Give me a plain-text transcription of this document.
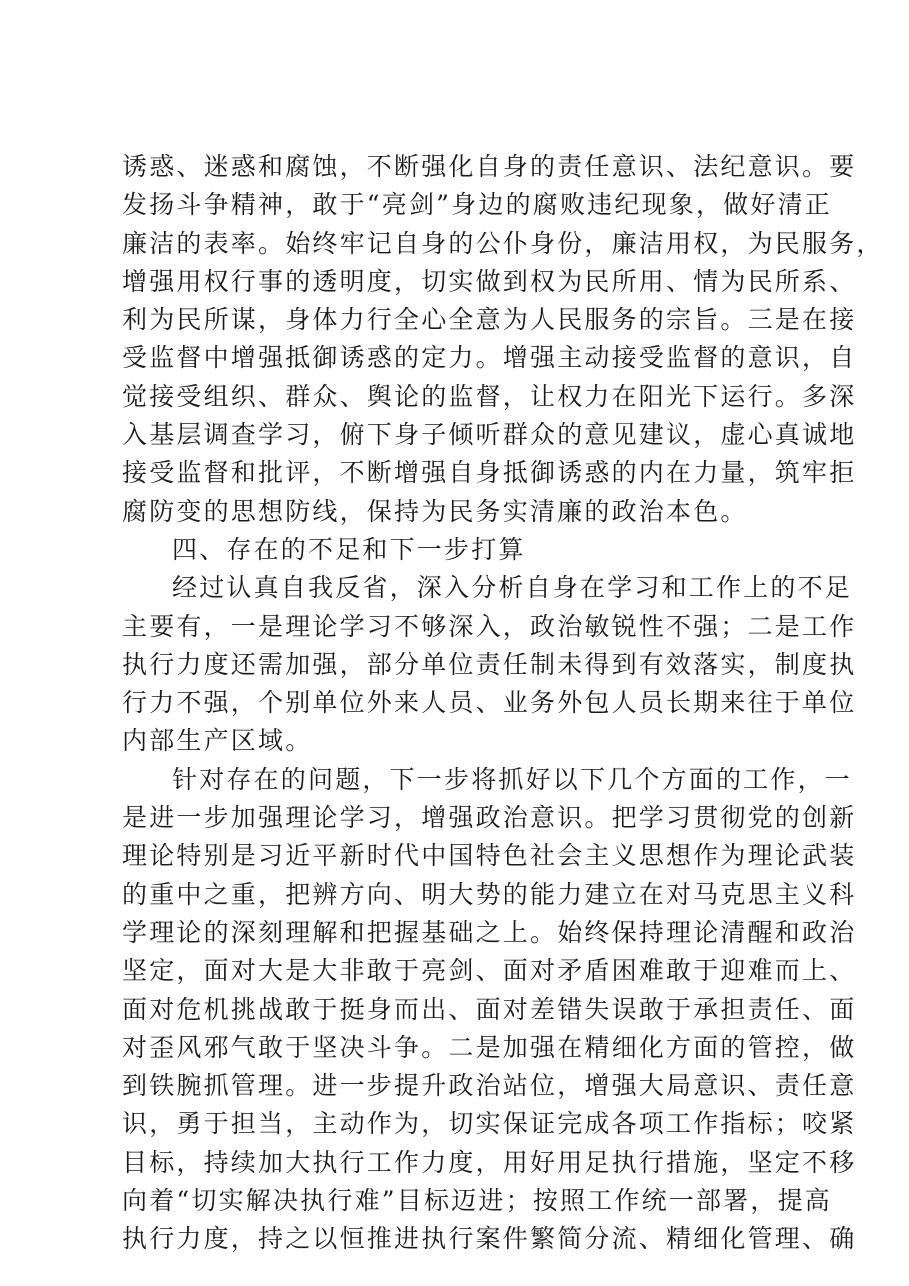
诱惑、迷惑和腐蚀，不断强化自身的责任意识、法纪意识。要
发扬斗争精神，敢于“亮剑”身边的腐败违纪现象，做好清正
廉洁的表率。始终牢记自身的公仆身份，廉洁用权，为民服务，
增强用权行事的透明度，切实做到权为民所用、情为民所系、
利为民所谋，身体力行全心全意为人民服务的宗旨。三是在接
受监督中增强抵御诱惑的定力。增强主动接受监督的意识，自
觉接受组织、群众、舆论的监督，让权力在阳光下运行。多深
入基层调查学习，俯下身子倾听群众的意见建议，虚心真诚地
接受监督和批评，不断增强自身抵御诱惑的内在力量，筑牢拒
腐防变的思想防线，保持为民务实清廉的政治本色。
四、存在的不足和下一步打算
经过认真自我反省，深入分析自身在学习和工作上的不足
主要有，一是理论学习不够深入，政治敏锐性不强；二是工作
执行力度还需加强，部分单位责任制未得到有效落实，制度执
行力不强，个别单位外来人员、业务外包人员长期来往于单位
内部生产区域。
针对存在的问题，下一步将抓好以下几个方面的工作，一
是进一步加强理论学习，增强政治意识。把学习贯彻党的创新
理论特别是习近平新时代中国特色社会主义思想作为理论武装
的重中之重，把辨方向、明大势的能力建立在对马克思主义科
学理论的深刻理解和把握基础之上。始终保持理论清醒和政治
坚定，面对大是大非敢于亮剑、面对矛盾困难敢于迎难而上、
面对危机挑战敢于挺身而出、面对差错失误敢于承担责任、面
对歪风邪气敢于坚决斗争。二是加强在精细化方面的管控，做
到铁腕抓管理。进一步提升政治站位，增强大局意识、责任意
识，勇于担当，主动作为，切实保证完成各项工作指标；咬紧
目标，持续加大执行工作力度，用好用足执行措施，坚定不移
向着“切实解决执行难”目标迈进；按照工作统一部署，提高
执行力度，持之以恒推进执行案件繁简分流、精细化管理、确
